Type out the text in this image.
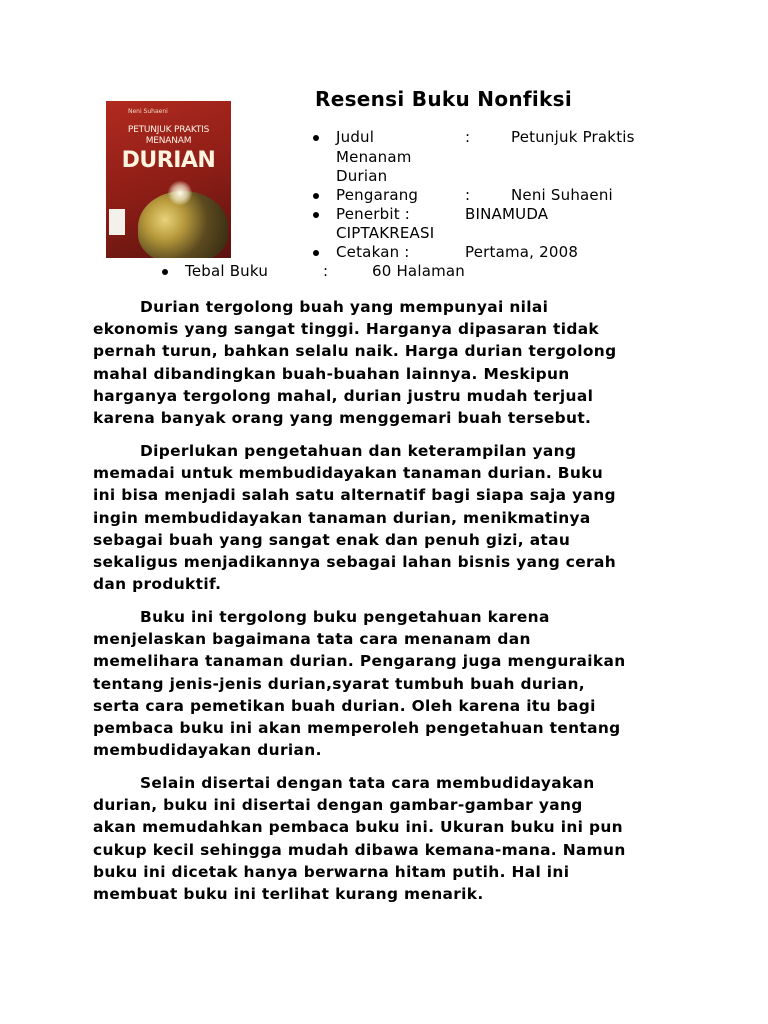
Neni Suhaeni
PETUNJUK PRAKTIS
MENANAM
DURIAN
Resensi Buku Nonfiksi
Judul	:	Petunjuk Praktis
Menanam
Durian
Pengarang	:	Neni Suhaeni
Penerbit :	BINAMUDA
CIPTAKREASI
Cetakan :	Pertama, 2008
Tebal Buku	:	60 Halaman
Durian tergolong buah yang mempunyai nilai
ekonomis yang sangat tinggi. Harganya dipasaran tidak
pernah turun, bahkan selalu naik. Harga durian tergolong
mahal dibandingkan buah-buahan lainnya. Meskipun
harganya tergolong mahal, durian justru mudah terjual
karena banyak orang yang menggemari buah tersebut.
Diperlukan pengetahuan dan keterampilan yang
memadai untuk membudidayakan tanaman durian. Buku
ini bisa menjadi salah satu alternatif bagi siapa saja yang
ingin membudidayakan tanaman durian, menikmatinya
sebagai buah yang sangat enak dan penuh gizi, atau
sekaligus menjadikannya sebagai lahan bisnis yang cerah
dan produktif.
Buku ini tergolong buku pengetahuan karena
menjelaskan bagaimana tata cara menanam dan
memelihara tanaman durian. Pengarang juga menguraikan
tentang jenis-jenis durian,syarat tumbuh buah durian,
serta cara pemetikan buah durian. Oleh karena itu bagi
pembaca buku ini akan memperoleh pengetahuan tentang
membudidayakan durian.
Selain disertai dengan tata cara membudidayakan
durian, buku ini disertai dengan gambar-gambar yang
akan memudahkan pembaca buku ini. Ukuran buku ini pun
cukup kecil sehingga mudah dibawa kemana-mana. Namun
buku ini dicetak hanya berwarna hitam putih. Hal ini
membuat buku ini terlihat kurang menarik.
